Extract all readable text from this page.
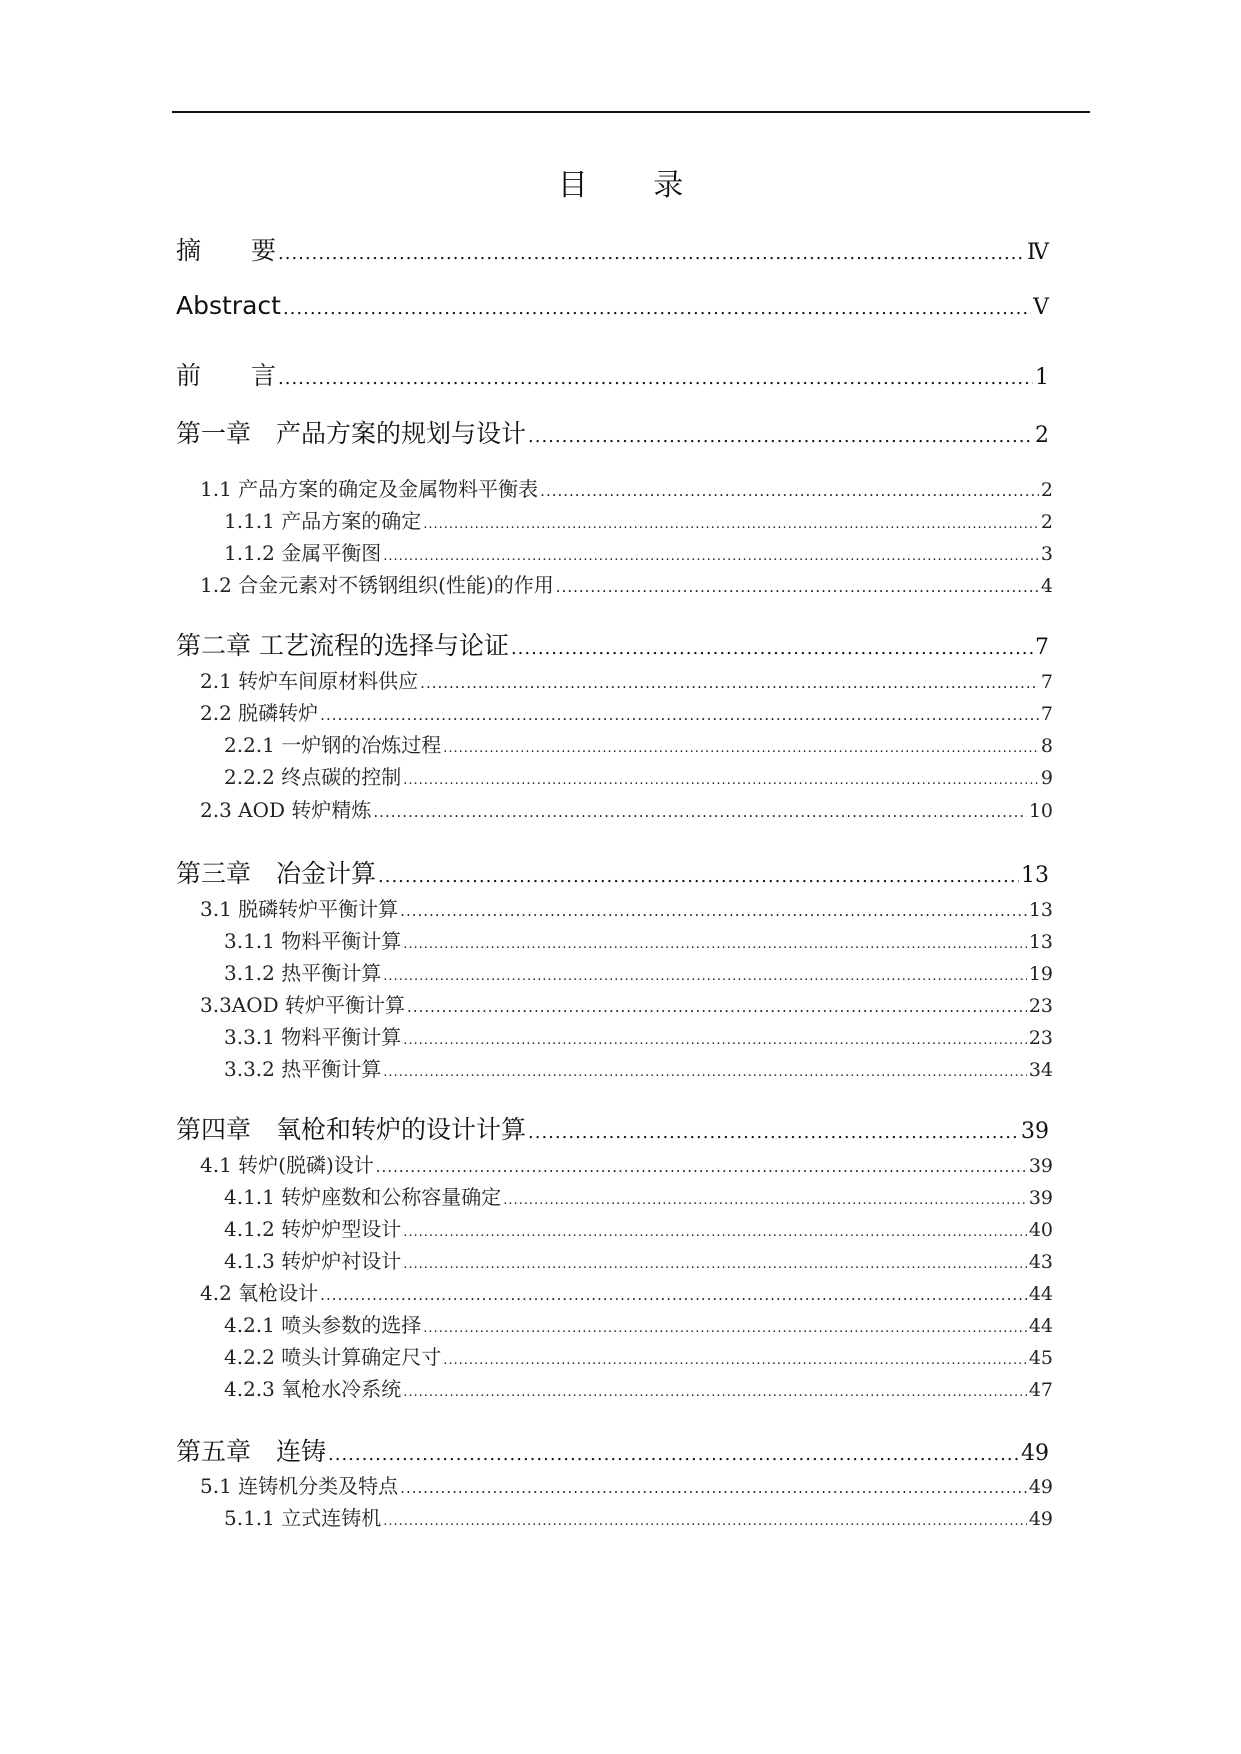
目 录
摘　　要 .....	Ⅳ
Abstract .....	Ⅴ
前　　言 .....	1
第一章　产品方案的规划与设计 .....	2
1.1 产品方案的确定及金属物料平衡表 .....	2
1.1.1 产品方案的确定 .....	2
1.1.2 金属平衡图 .....	3
1.2 合金元素对不锈钢组织(性能)的作用 .....	4
第二章 工艺流程的选择与论证 .....	7
2.1 转炉车间原材料供应 .....	7
2.2 脱磷转炉 .....	7
2.2.1 一炉钢的冶炼过程 .....	8
2.2.2 终点碳的控制 .....	9
2.3 AOD 转炉精炼 .....	10
第三章　冶金计算 .....	13
3.1 脱磷转炉平衡计算 .....	13
3.1.1 物料平衡计算 .....	13
3.1.2 热平衡计算 .....	19
3.3AOD 转炉平衡计算 .....	23
3.3.1 物料平衡计算 .....	23
3.3.2 热平衡计算 .....	34
第四章　氧枪和转炉的设计计算 .....	39
4.1 转炉(脱磷)设计 .....	39
4.1.1 转炉座数和公称容量确定 .....	39
4.1.2 转炉炉型设计 .....	40
4.1.3 转炉炉衬设计 .....	43
4.2 氧枪设计 .....	44
4.2.1 喷头参数的选择 .....	44
4.2.2 喷头计算确定尺寸 .....	45
4.2.3 氧枪水冷系统 .....	47
第五章　连铸 .....	49
5.1 连铸机分类及特点 .....	49
5.1.1 立式连铸机 .....	49
